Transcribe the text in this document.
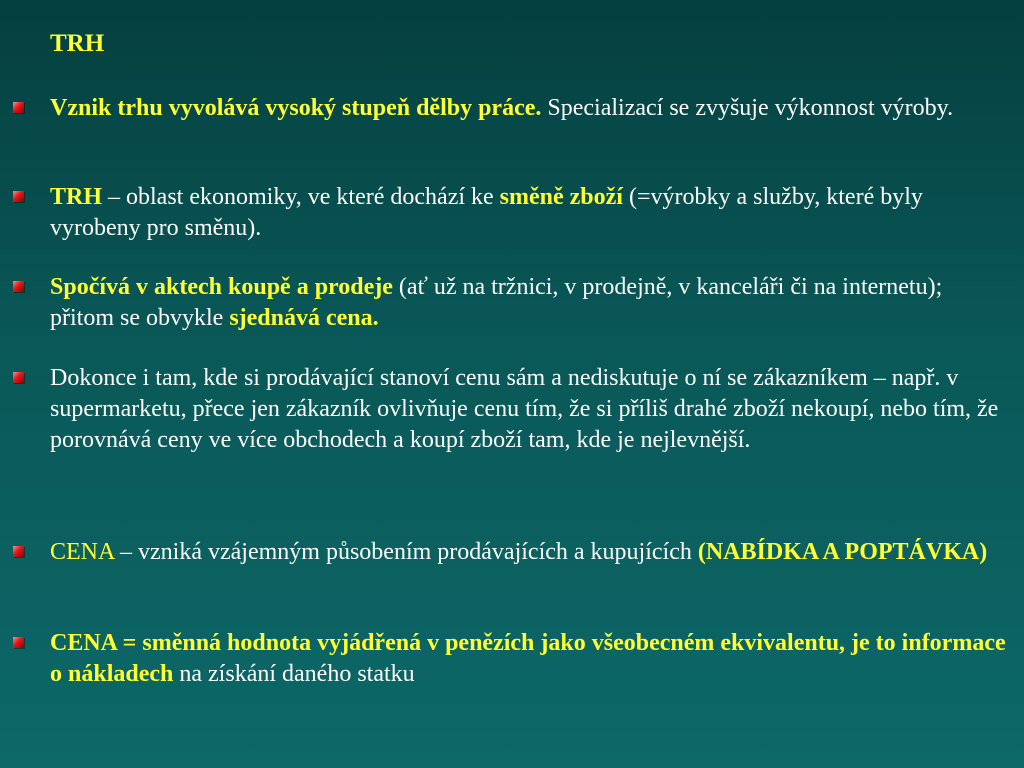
TRH
Vznik trhu vyvolává vysoký stupeň dělby práce. Specializací se zvyšuje výkonnost výroby.
TRH – oblast ekonomiky, ve které dochází ke směně zboží (=výrobky a služby, které byly vyrobeny pro směnu).
Spočívá v aktech koupě a prodeje (ať už na tržnici, v prodejně, v kanceláři či na internetu); přitom se obvykle sjednává cena.
Dokonce i tam, kde si prodávající stanoví cenu sám a nediskutuje o ní se zákazníkem – např. v supermarketu, přece jen zákazník ovlivňuje cenu tím, že si příliš drahé zboží nekoupí, nebo tím, že porovnává ceny ve více obchodech a koupí zboží tam, kde je nejlevnější.
CENA – vzniká vzájemným působením prodávajících a kupujících (NABÍDKA A POPTÁVKA)
CENA = směnná hodnota vyjádřená v penězích jako všeobecném ekvivalentu, je to informace o nákladech na získání daného statku
